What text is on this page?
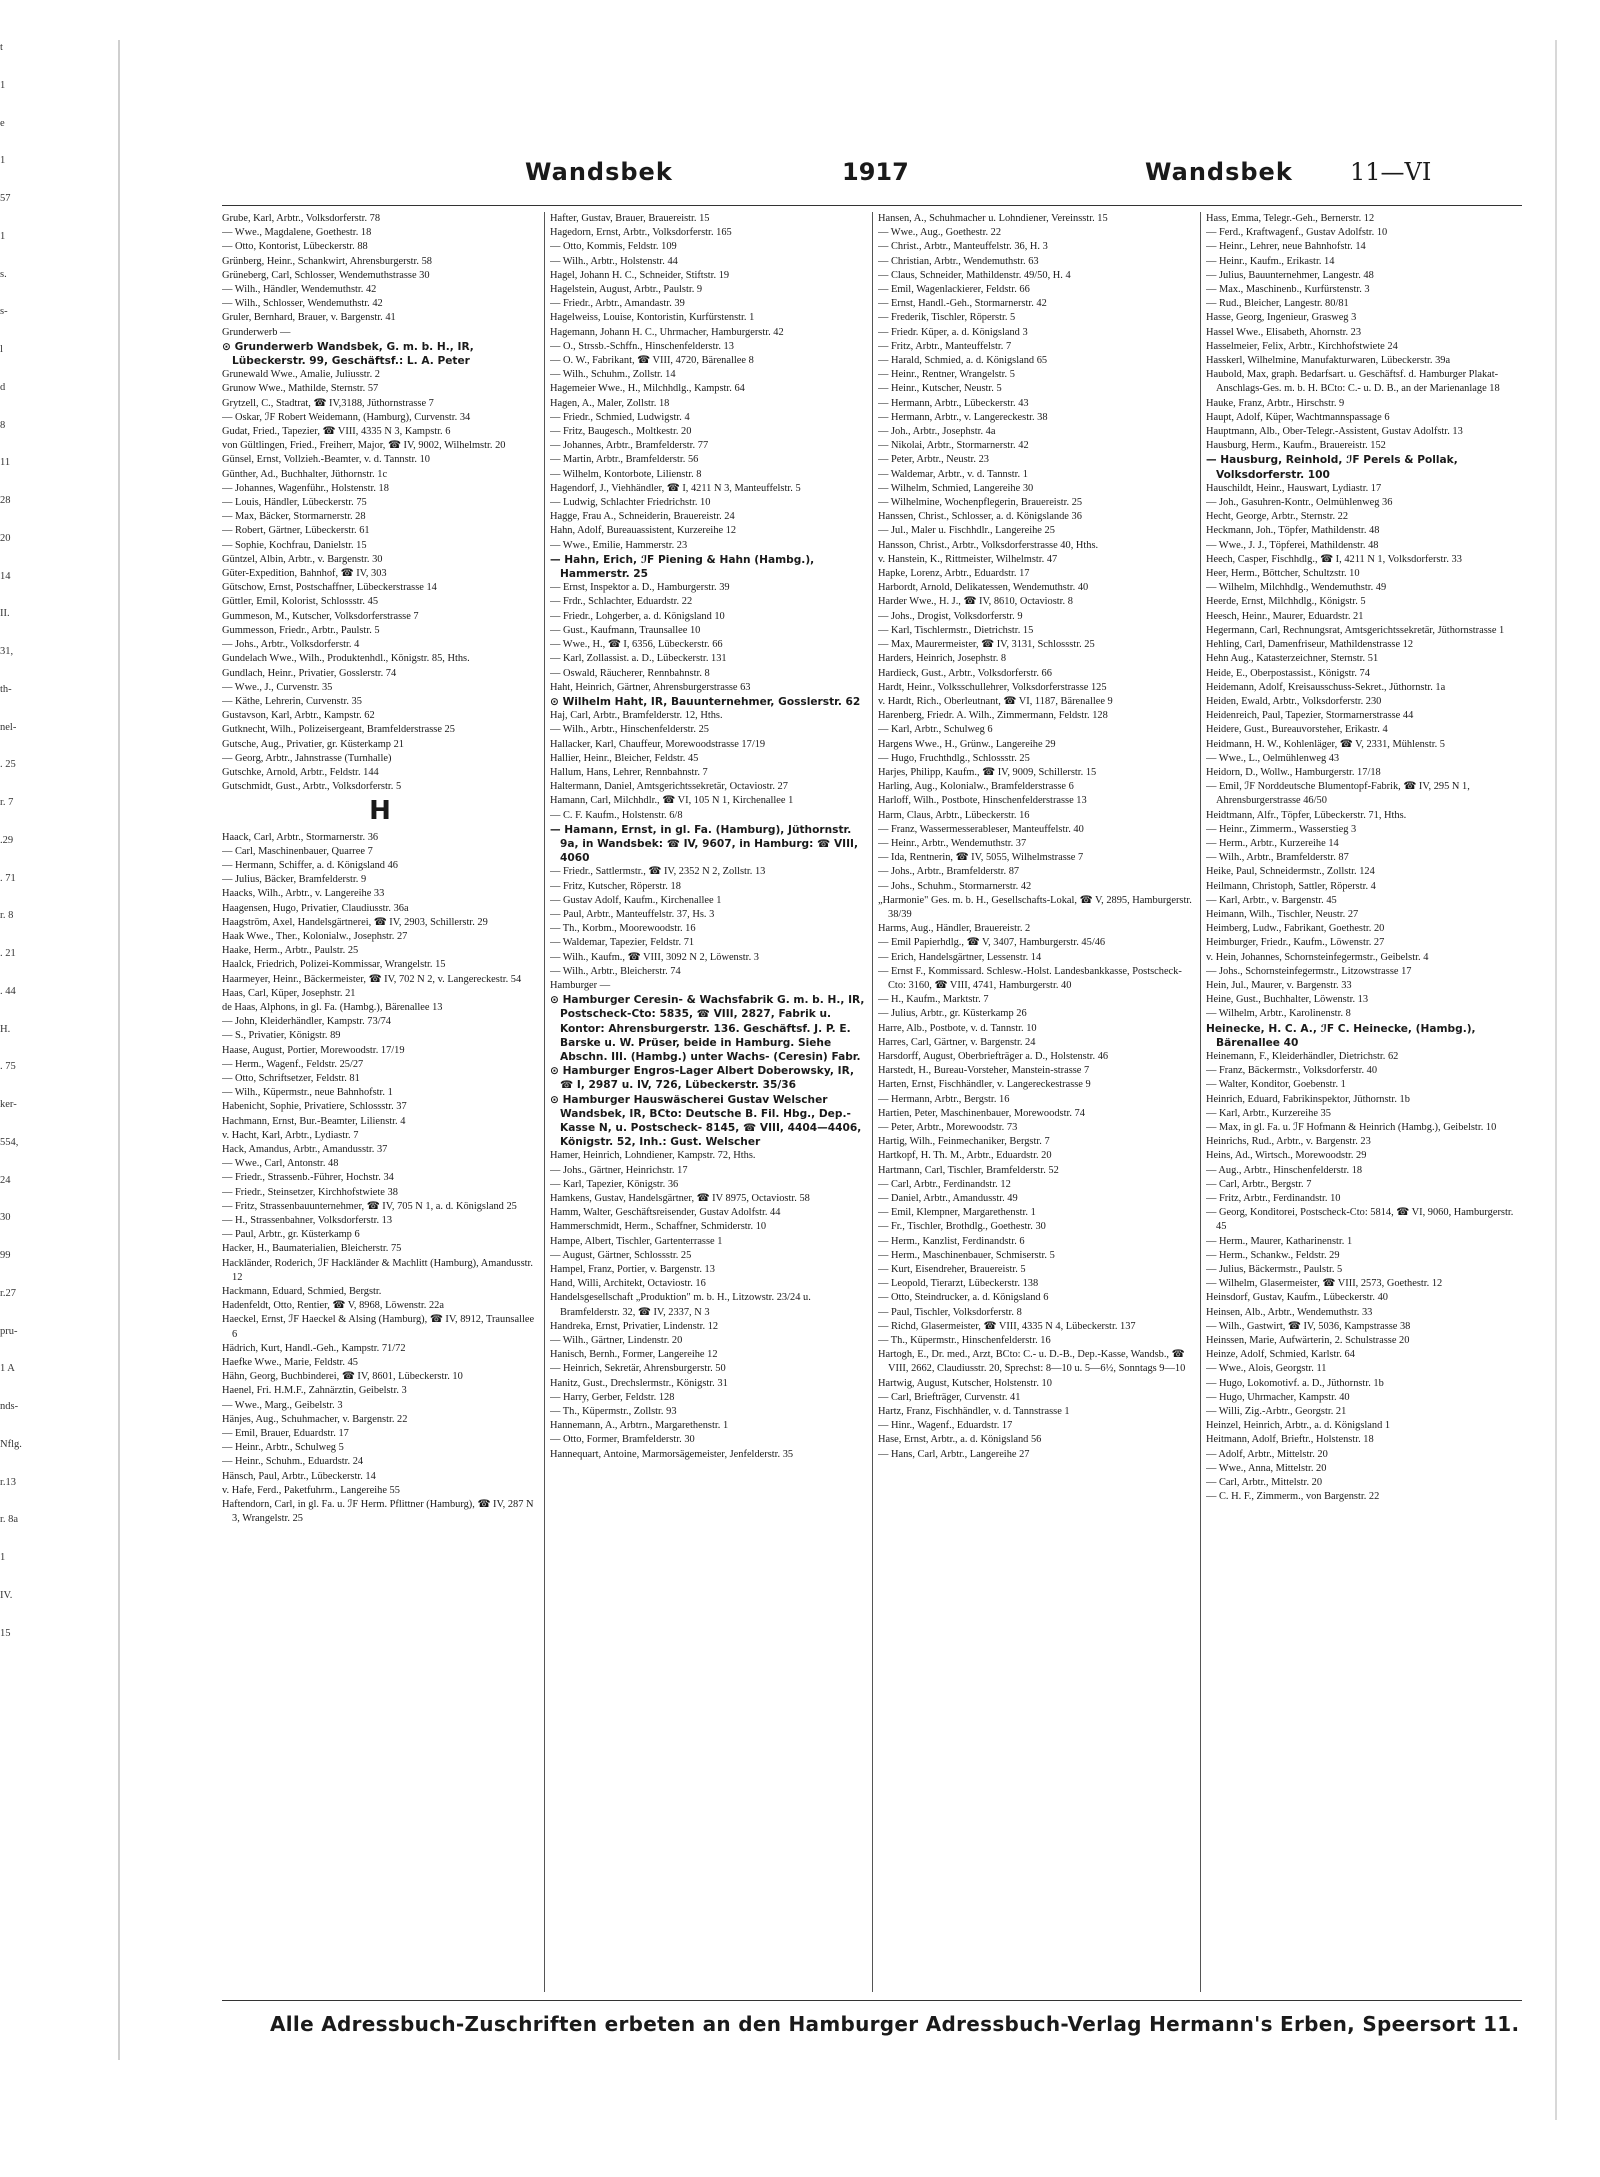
t
1
e
1
57
1
s.
s-
l
d
8
11
28
20
14
II.
31,
th-
nel-
. 25
r. 7
.29
. 71
r. 8
. 21
. 44
H.
. 75
ker-
554,
24
30
99
r.27
pru-
1 A
nds-
Nflg.
r.13
r. 8a
1
IV.
15
Wandsbek	1917	Wandsbek 11—VI
Grube, Karl, Arbtr., Volksdorferstr. 78
— Wwe., Magdalene, Goethestr. 18
— Otto, Kontorist, Lübeckerstr. 88
Grünberg, Heinr., Schankwirt, Ahrensburgerstr. 58
Grüneberg, Carl, Schlosser, Wendemuthstrasse 30
— Wilh., Händler, Wendemuthstr. 42
— Wilh., Schlosser, Wendemuthstr. 42
Gruler, Bernhard, Brauer, v. Bargenstr. 41
Grunderwerb —
⊙ Grunderwerb Wandsbek, G. m. b. H., IR, Lübeckerstr. 99, Geschäftsf.: L. A. Peter
Grunewald Wwe., Amalie, Juliusstr. 2
Grunow Wwe., Mathilde, Sternstr. 57
Grytzell, C., Stadtrat, ☎ IV,3188, Jüthornstrasse 7
— Oskar, ℐF Robert Weidemann, (Hamburg), Curvenstr. 34
Gudat, Fried., Tapezier, ☎ VIII, 4335 N 3, Kampstr. 6
von Gültlingen, Fried., Freiherr, Major, ☎ IV, 9002, Wilhelmstr. 20
Günsel, Ernst, Vollzieh.-Beamter, v. d. Tannstr. 10
Günther, Ad., Buchhalter, Jüthornstr. 1c
— Johannes, Wagenführ., Holstenstr. 18
— Louis, Händler, Lübeckerstr. 75
— Max, Bäcker, Stormarnerstr. 28
— Robert, Gärtner, Lübeckerstr. 61
— Sophie, Kochfrau, Danielstr. 15
Güntzel, Albin, Arbtr., v. Bargenstr. 30
Güter-Expedition, Bahnhof, ☎ IV, 303
Gütschow, Ernst, Postschaffner, Lübeckerstrasse 14
Güttler, Emil, Kolorist, Schlossstr. 45
Gummeson, M., Kutscher, Volksdorferstrasse 7
Gummesson, Friedr., Arbtr., Paulstr. 5
— Johs., Arbtr., Volksdorferstr. 4
Gundelach Wwe., Wilh., Produktenhdl., Königstr. 85, Hths.
Gundlach, Heinr., Privatier, Gosslerstr. 74
— Wwe., J., Curvenstr. 35
— Käthe, Lehrerin, Curvenstr. 35
Gustavson, Karl, Arbtr., Kampstr. 62
Gutknecht, Wilh., Polizeisergeant, Bramfelderstrasse 25
Gutsche, Aug., Privatier, gr. Küsterkamp 21
— Georg, Arbtr., Jahnstrasse (Turnhalle)
Gutschke, Arnold, Arbtr., Feldstr. 144
Gutschmidt, Gust., Arbtr., Volksdorferstr. 5
H
Haack, Carl, Arbtr., Stormarnerstr. 36
— Carl, Maschinenbauer, Quarree 7
— Hermann, Schiffer, a. d. Königsland 46
— Julius, Bäcker, Bramfelderstr. 9
Haacks, Wilh., Arbtr., v. Langereihe 33
Haagensen, Hugo, Privatier, Claudiusstr. 36a
Haagström, Axel, Handelsgärtnerei, ☎ IV, 2903, Schillerstr. 29
Haak Wwe., Ther., Kolonialw., Josephstr. 27
Haake, Herm., Arbtr., Paulstr. 25
Haalck, Friedrich, Polizei-Kommissar, Wrangelstr. 15
Haarmeyer, Heinr., Bäckermeister, ☎ IV, 702 N 2, v. Langereckestr. 54
Haas, Carl, Küper, Josephstr. 21
de Haas, Alphons, in gl. Fa. (Hambg.), Bärenallee 13
— John, Kleiderhändler, Kampstr. 73/74
— S., Privatier, Königstr. 89
Haase, August, Portier, Morewoodstr. 17/19
— Herm., Wagenf., Feldstr. 25/27
— Otto, Schriftsetzer, Feldstr. 81
— Wilh., Küpermstr., neue Bahnhofstr. 1
Habenicht, Sophie, Privatiere, Schlossstr. 37
Hachmann, Ernst, Bur.-Beamter, Lilienstr. 4
v. Hacht, Karl, Arbtr., Lydiastr. 7
Hack, Amandus, Arbtr., Amandusstr. 37
— Wwe., Carl, Antonstr. 48
— Friedr., Strassenb.-Führer, Hochstr. 34
— Friedr., Steinsetzer, Kirchhofstwiete 38
— Fritz, Strassenbauunternehmer, ☎ IV, 705 N 1, a. d. Königsland 25
— H., Strassenbahner, Volksdorferstr. 13
— Paul, Arbtr., gr. Küsterkamp 6
Hacker, H., Baumaterialien, Bleicherstr. 75
Hackländer, Roderich, ℐF Hackländer & Machlitt (Hamburg), Amandusstr. 12
Hackmann, Eduard, Schmied, Bergstr.
Hadenfeldt, Otto, Rentier, ☎ V, 8968, Löwenstr. 22a
Haeckel, Ernst, ℐF Haeckel & Alsing (Hamburg), ☎ IV, 8912, Traunsallee 6
Hädrich, Kurt, Handl.-Geh., Kampstr. 71/72
Haefke Wwe., Marie, Feldstr. 45
Hähn, Georg, Buchbinderei, ☎ IV, 8601, Lübeckerstr. 10
Haenel, Fri. H.M.F., Zahnärztin, Geibelstr. 3
— Wwe., Marg., Geibelstr. 3
Hänjes, Aug., Schuhmacher, v. Bargenstr. 22
— Emil, Brauer, Eduardstr. 17
— Heinr., Arbtr., Schulweg 5
— Heinr., Schuhm., Eduardstr. 24
Hänsch, Paul, Arbtr., Lübeckerstr. 14
v. Hafe, Ferd., Paketfuhrm., Langereihe 55
Haftendorn, Carl, in gl. Fa. u. ℐF Herm. Pflittner (Hamburg), ☎ IV, 287 N 3, Wrangelstr. 25
Hafter, Gustav, Brauer, Brauereistr. 15
Hagedorn, Ernst, Arbtr., Volksdorferstr. 165
— Otto, Kommis, Feldstr. 109
— Wilh., Arbtr., Holstenstr. 44
Hagel, Johann H. C., Schneider, Stiftstr. 19
Hagelstein, August, Arbtr., Paulstr. 9
— Friedr., Arbtr., Amandastr. 39
Hagelweiss, Louise, Kontoristin, Kurfürstenstr. 1
Hagemann, Johann H. C., Uhrmacher, Hamburgerstr. 42
— O., Strssb.-Schffn., Hinschenfelderstr. 13
— O. W., Fabrikant, ☎ VIII, 4720, Bärenallee 8
— Wilh., Schuhm., Zollstr. 14
Hagemeier Wwe., H., Milchhdlg., Kampstr. 64
Hagen, A., Maler, Zollstr. 18
— Friedr., Schmied, Ludwigstr. 4
— Fritz, Baugesch., Moltkestr. 20
— Johannes, Arbtr., Bramfelderstr. 77
— Martin, Arbtr., Bramfelderstr. 56
— Wilhelm, Kontorbote, Lilienstr. 8
Hagendorf, J., Viehhändler, ☎ I, 4211 N 3, Manteuffelstr. 5
— Ludwig, Schlachter Friedrichstr. 10
Hagge, Frau A., Schneiderin, Brauereistr. 24
Hahn, Adolf, Bureauassistent, Kurzereihe 12
— Wwe., Emilie, Hammerstr. 23
— Hahn, Erich, ℐF Piening & Hahn (Hambg.), Hammerstr. 25
— Ernst, Inspektor a. D., Hamburgerstr. 39
— Frdr., Schlachter, Eduardstr. 22
— Friedr., Lohgerber, a. d. Königsland 10
— Gust., Kaufmann, Traunsallee 10
— Wwe., H., ☎ I, 6356, Lübeckerstr. 66
— Karl, Zollassist. a. D., Lübeckerstr. 131
— Oswald, Räucherer, Rennbahnstr. 8
Haht, Heinrich, Gärtner, Ahrensburgerstrasse 63
⊙ Wilhelm Haht, IR, Bauunternehmer, Gosslerstr. 62
Haj, Carl, Arbtr., Bramfelderstr. 12, Hths.
— Wilh., Arbtr., Hinschenfelderstr. 25
Hallacker, Karl, Chauffeur, Morewoodstrasse 17/19
Hallier, Heinr., Bleicher, Feldstr. 45
Hallum, Hans, Lehrer, Rennbahnstr. 7
Haltermann, Daniel, Amtsgerichtssekretär, Octaviostr. 27
Hamann, Carl, Milchhdlr., ☎ VI, 105 N 1, Kirchenallee 1
— C. F. Kaufm., Holstenstr. 6/8
— Hamann, Ernst, in gl. Fa. (Hamburg), Jüthornstr. 9a, in Wandsbek: ☎ IV, 9607, in Hamburg: ☎ VIII, 4060
— Friedr., Sattlermstr., ☎ IV, 2352 N 2, Zollstr. 13
— Fritz, Kutscher, Röperstr. 18
— Gustav Adolf, Kaufm., Kirchenallee 1
— Paul, Arbtr., Manteuffelstr. 37, Hs. 3
— Th., Korbm., Moorewoodstr. 16
— Waldemar, Tapezier, Feldstr. 71
— Wilh., Kaufm., ☎ VIII, 3092 N 2, Löwenstr. 3
— Wilh., Arbtr., Bleicherstr. 74
Hamburger —
⊙ Hamburger Ceresin- & Wachsfabrik G. m. b. H., IR, Postscheck-Cto: 5835, ☎ VIII, 2827, Fabrik u. Kontor: Ahrensburgerstr. 136. Geschäftsf. J. P. E. Barske u. W. Prüser, beide in Hamburg. Siehe Abschn. III. (Hambg.) unter Wachs- (Ceresin) Fabr.
⊙ Hamburger Engros-Lager Albert Doberowsky, IR, ☎ I, 2987 u. IV, 726, Lübeckerstr. 35/36
⊙ Hamburger Hauswäscherei Gustav Welscher Wandsbek, IR, BCto: Deutsche B. Fil. Hbg., Dep.-Kasse N, u. Postscheck- 8145, ☎ VIII, 4404—4406, Königstr. 52, Inh.: Gust. Welscher
Hamer, Heinrich, Lohndiener, Kampstr. 72, Hths.
— Johs., Gärtner, Heinrichstr. 17
— Karl, Tapezier, Königstr. 36
Hamkens, Gustav, Handelsgärtner, ☎ IV 8975, Octaviostr. 58
Hamm, Walter, Geschäftsreisender, Gustav Adolfstr. 44
Hammerschmidt, Herm., Schaffner, Schmiderstr. 10
Hampe, Albert, Tischler, Gartenterrasse 1
— August, Gärtner, Schlossstr. 25
Hampel, Franz, Portier, v. Bargenstr. 13
Hand, Willi, Architekt, Octaviostr. 16
Handelsgesellschaft „Produktion" m. b. H., Litzowstr. 23/24 u. Bramfelderstr. 32, ☎ IV, 2337, N 3
Handreka, Ernst, Privatier, Lindenstr. 12
— Wilh., Gärtner, Lindenstr. 20
Hanisch, Bernh., Former, Langereihe 12
— Heinrich, Sekretär, Ahrensburgerstr. 50
Hanitz, Gust., Drechslermstr., Königstr. 31
— Harry, Gerber, Feldstr. 128
— Th., Küpermstr., Zollstr. 93
Hannemann, A., Arbtrn., Margarethenstr. 1
— Otto, Former, Bramfelderstr. 30
Hannequart, Antoine, Marmorsägemeister, Jenfelderstr. 35
Hansen, A., Schuhmacher u. Lohndiener, Vereinsstr. 15
— Wwe., Aug., Goethestr. 22
— Christ., Arbtr., Manteuffelstr. 36, H. 3
— Christian, Arbtr., Wendemuthstr. 63
— Claus, Schneider, Mathildenstr. 49/50, H. 4
— Emil, Wagenlackierer, Feldstr. 66
— Ernst, Handl.-Geh., Stormarnerstr. 42
— Frederik, Tischler, Röperstr. 5
— Friedr. Küper, a. d. Königsland 3
— Fritz, Arbtr., Manteuffelstr. 7
— Harald, Schmied, a. d. Königsland 65
— Heinr., Rentner, Wrangelstr. 5
— Heinr., Kutscher, Neustr. 5
— Hermann, Arbtr., Lübeckerstr. 43
— Hermann, Arbtr., v. Langereckestr. 38
— Joh., Arbtr., Josephstr. 4a
— Nikolai, Arbtr., Stormarnerstr. 42
— Peter, Arbtr., Neustr. 23
— Waldemar, Arbtr., v. d. Tannstr. 1
— Wilhelm, Schmied, Langereihe 30
— Wilhelmine, Wochenpflegerin, Brauereistr. 25
Hanssen, Christ., Schlosser, a. d. Königslande 36
— Jul., Maler u. Fischhdlr., Langereihe 25
Hansson, Christ., Arbtr., Volksdorferstrasse 40, Hths.
v. Hanstein, K., Rittmeister, Wilhelmstr. 47
Hapke, Lorenz, Arbtr., Eduardstr. 17
Harbordt, Arnold, Delikatessen, Wendemuthstr. 40
Harder Wwe., H. J., ☎ IV, 8610, Octaviostr. 8
— Johs., Drogist, Volksdorferstr. 9
— Karl, Tischlermstr., Dietrichstr. 15
— Max, Maurermeister, ☎ IV, 3131, Schlossstr. 25
Harders, Heinrich, Josephstr. 8
Hardieck, Gust., Arbtr., Volksdorferstr. 66
Hardt, Heinr., Volksschullehrer, Volksdorferstrasse 125
v. Hardt, Rich., Oberleutnant, ☎ VI, 1187, Bärenallee 9
Harenberg, Friedr. A. Wilh., Zimmermann, Feldstr. 128
— Karl, Arbtr., Schulweg 6
Hargens Wwe., H., Grünw., Langereihe 29
— Hugo, Fruchthdlg., Schlossstr. 25
Harjes, Philipp, Kaufm., ☎ IV, 9009, Schillerstr. 15
Harling, Aug., Kolonialw., Bramfelderstrasse 6
Harloff, Wilh., Postbote, Hinschenfelderstrasse 13
Harm, Claus, Arbtr., Lübeckerstr. 16
— Franz, Wassermesserableser, Manteuffelstr. 40
— Heinr., Arbtr., Wendemuthstr. 37
— Ida, Rentnerin, ☎ IV, 5055, Wilhelmstrasse 7
— Johs., Arbtr., Bramfelderstr. 87
— Johs., Schuhm., Stormarnerstr. 42
„Harmonie" Ges. m. b. H., Gesellschafts-Lokal, ☎ V, 2895, Hamburgerstr. 38/39
Harms, Aug., Händler, Brauereistr. 2
— Emil Papierhdlg., ☎ V, 3407, Hamburgerstr. 45/46
— Erich, Handelsgärtner, Lessenstr. 14
— Ernst F., Kommissard. Schlesw.-Holst. Landesbankkasse, Postscheck-Cto: 3160, ☎ VIII, 4741, Hamburgerstr. 40
— H., Kaufm., Marktstr. 7
— Julius, Arbtr., gr. Küsterkamp 26
Harre, Alb., Postbote, v. d. Tannstr. 10
Harres, Carl, Gärtner, v. Bargenstr. 24
Harsdorff, August, Oberbriefträger a. D., Holstenstr. 46
Harstedt, H., Bureau-Vorsteher, Manstein-strasse 7
Harten, Ernst, Fischhändler, v. Langereckestrasse 9
— Hermann, Arbtr., Bergstr. 16
Hartien, Peter, Maschinenbauer, Morewoodstr. 74
— Peter, Arbtr., Morewoodstr. 73
Hartig, Wilh., Feinmechaniker, Bergstr. 7
Hartkopf, H. Th. M., Arbtr., Eduardstr. 20
Hartmann, Carl, Tischler, Bramfelderstr. 52
— Carl, Arbtr., Ferdinandstr. 12
— Daniel, Arbtr., Amandusstr. 49
— Emil, Klempner, Margarethenstr. 1
— Fr., Tischler, Brothdlg., Goethestr. 30
— Herm., Kanzlist, Ferdinandstr. 6
— Herm., Maschinenbauer, Schmiserstr. 5
— Kurt, Eisendreher, Brauereistr. 5
— Leopold, Tierarzt, Lübeckerstr. 138
— Otto, Steindrucker, a. d. Königsland 6
— Paul, Tischler, Volksdorferstr. 8
— Richd, Glasermeister, ☎ VIII, 4335 N 4, Lübeckerstr. 137
— Th., Küpermstr., Hinschenfelderstr. 16
Hartogh, E., Dr. med., Arzt, BCto: C.- u. D.-B., Dep.-Kasse, Wandsb., ☎ VIII, 2662, Claudiusstr. 20, Sprechst: 8—10 u. 5—6½, Sonntags 9—10
Hartwig, August, Kutscher, Holstenstr. 10
— Carl, Briefträger, Curvenstr. 41
Hartz, Franz, Fischhändler, v. d. Tannstrasse 1
— Hinr., Wagenf., Eduardstr. 17
Hase, Ernst, Arbtr., a. d. Königsland 56
— Hans, Carl, Arbtr., Langereihe 27
Hass, Emma, Telegr.-Geh., Bernerstr. 12
— Ferd., Kraftwagenf., Gustav Adolfstr. 10
— Heinr., Lehrer, neue Bahnhofstr. 14
— Heinr., Kaufm., Erikastr. 14
— Julius, Bauunternehmer, Langestr. 48
— Max., Maschinenb., Kurfürstenstr. 3
— Rud., Bleicher, Langestr. 80/81
Hasse, Georg, Ingenieur, Grasweg 3
Hassel Wwe., Elisabeth, Ahornstr. 23
Hasselmeier, Felix, Arbtr., Kirchhofstwiete 24
Hasskerl, Wilhelmine, Manufakturwaren, Lübeckerstr. 39a
Haubold, Max, graph. Bedarfsart. u. Geschäftsf. d. Hamburger Plakat-Anschlags-Ges. m. b. H. BCto: C.- u. D. B., an der Marienanlage 18
Hauke, Franz, Arbtr., Hirschstr. 9
Haupt, Adolf, Küper, Wachtmannspassage 6
Hauptmann, Alb., Ober-Telegr.-Assistent, Gustav Adolfstr. 13
Hausburg, Herm., Kaufm., Brauereistr. 152
— Hausburg, Reinhold, ℐF Perels & Pollak, Volksdorferstr. 100
Hauschildt, Heinr., Hauswart, Lydiastr. 17
— Joh., Gasuhren-Kontr., Oelmühlenweg 36
Hecht, George, Arbtr., Sternstr. 22
Heckmann, Joh., Töpfer, Mathildenstr. 48
— Wwe., J. J., Töpferei, Mathildenstr. 48
Heech, Casper, Fischhdlg., ☎ I, 4211 N 1, Volksdorferstr. 33
Heer, Herm., Böttcher, Schultzstr. 10
— Wilhelm, Milchhdlg., Wendemuthstr. 49
Heerde, Ernst, Milchhdlg., Königstr. 5
Heesch, Heinr., Maurer, Eduardstr. 21
Hegermann, Carl, Rechnungsrat, Amtsgerichtssekretär, Jüthornstrasse 1
Hehling, Carl, Damenfriseur, Mathildenstrasse 12
Hehn Aug., Katasterzeichner, Sternstr. 51
Heide, E., Oberpostassist., Königstr. 74
Heidemann, Adolf, Kreisausschuss-Sekret., Jüthornstr. 1a
Heiden, Ewald, Arbtr., Volksdorferstr. 230
Heidenreich, Paul, Tapezier, Stormarnerstrasse 44
Heidere, Gust., Bureauvorsteher, Erikastr. 4
Heidmann, H. W., Kohlenläger, ☎ V, 2331, Mühlenstr. 5
— Wwe., L., Oelmühlenweg 43
Heidorn, D., Wollw., Hamburgerstr. 17/18
— Emil, ℐF Norddeutsche Blumentopf-Fabrik, ☎ IV, 295 N 1, Ahrensburgerstrasse 46/50
Heidtmann, Alfr., Töpfer, Lübeckerstr. 71, Hths.
— Heinr., Zimmerm., Wasserstieg 3
— Herm., Arbtr., Kurzereihe 14
— Wilh., Arbtr., Bramfelderstr. 87
Heike, Paul, Schneidermstr., Zollstr. 124
Heilmann, Christoph, Sattler, Röperstr. 4
— Karl, Arbtr., v. Bargenstr. 45
Heimann, Wilh., Tischler, Neustr. 27
Heimberg, Ludw., Fabrikant, Goethestr. 20
Heimburger, Friedr., Kaufm., Löwenstr. 27
v. Hein, Johannes, Schornsteinfegermstr., Geibelstr. 4
— Johs., Schornsteinfegermstr., Litzowstrasse 17
Hein, Jul., Maurer, v. Bargenstr. 33
Heine, Gust., Buchhalter, Löwenstr. 13
— Wilhelm, Arbtr., Karolinenstr. 8
Heinecke, H. C. A., ℐF C. Heinecke, (Hambg.), Bärenallee 40
Heinemann, F., Kleiderhändler, Dietrichstr. 62
— Franz, Bäckermstr., Volksdorferstr. 40
— Walter, Konditor, Goebenstr. 1
Heinrich, Eduard, Fabrikinspektor, Jüthornstr. 1b
— Karl, Arbtr., Kurzereihe 35
— Max, in gl. Fa. u. ℐF Hofmann & Heinrich (Hambg.), Geibelstr. 10
Heinrichs, Rud., Arbtr., v. Bargenstr. 23
Heins, Ad., Wirtsch., Morewoodstr. 29
— Aug., Arbtr., Hinschenfelderstr. 18
— Carl, Arbtr., Bergstr. 7
— Fritz, Arbtr., Ferdinandstr. 10
— Georg, Konditorei, Postscheck-Cto: 5814, ☎ VI, 9060, Hamburgerstr. 45
— Herm., Maurer, Katharinenstr. 1
— Herm., Schankw., Feldstr. 29
— Julius, Bäckermstr., Paulstr. 5
— Wilhelm, Glasermeister, ☎ VIII, 2573, Goethestr. 12
Heinsdorf, Gustav, Kaufm., Lübeckerstr. 40
Heinsen, Alb., Arbtr., Wendemuthstr. 33
— Wilh., Gastwirt, ☎ IV, 5036, Kampstrasse 38
Heinssen, Marie, Aufwärterin, 2. Schulstrasse 20
Heinze, Adolf, Schmied, Karlstr. 64
— Wwe., Alois, Georgstr. 11
— Hugo, Lokomotivf. a. D., Jüthornstr. 1b
— Hugo, Uhrmacher, Kampstr. 40
— Willi, Zig.-Arbtr., Georgstr. 21
Heinzel, Heinrich, Arbtr., a. d. Königsland 1
Heitmann, Adolf, Brieftr., Holstenstr. 18
— Adolf, Arbtr., Mittelstr. 20
— Wwe., Anna, Mittelstr. 20
— Carl, Arbtr., Mittelstr. 20
— C. H. F., Zimmerm., von Bargenstr. 22
Alle Adressbuch-Zuschriften erbeten an den Hamburger Adressbuch-Verlag Hermann's Erben, Speersort 11.
